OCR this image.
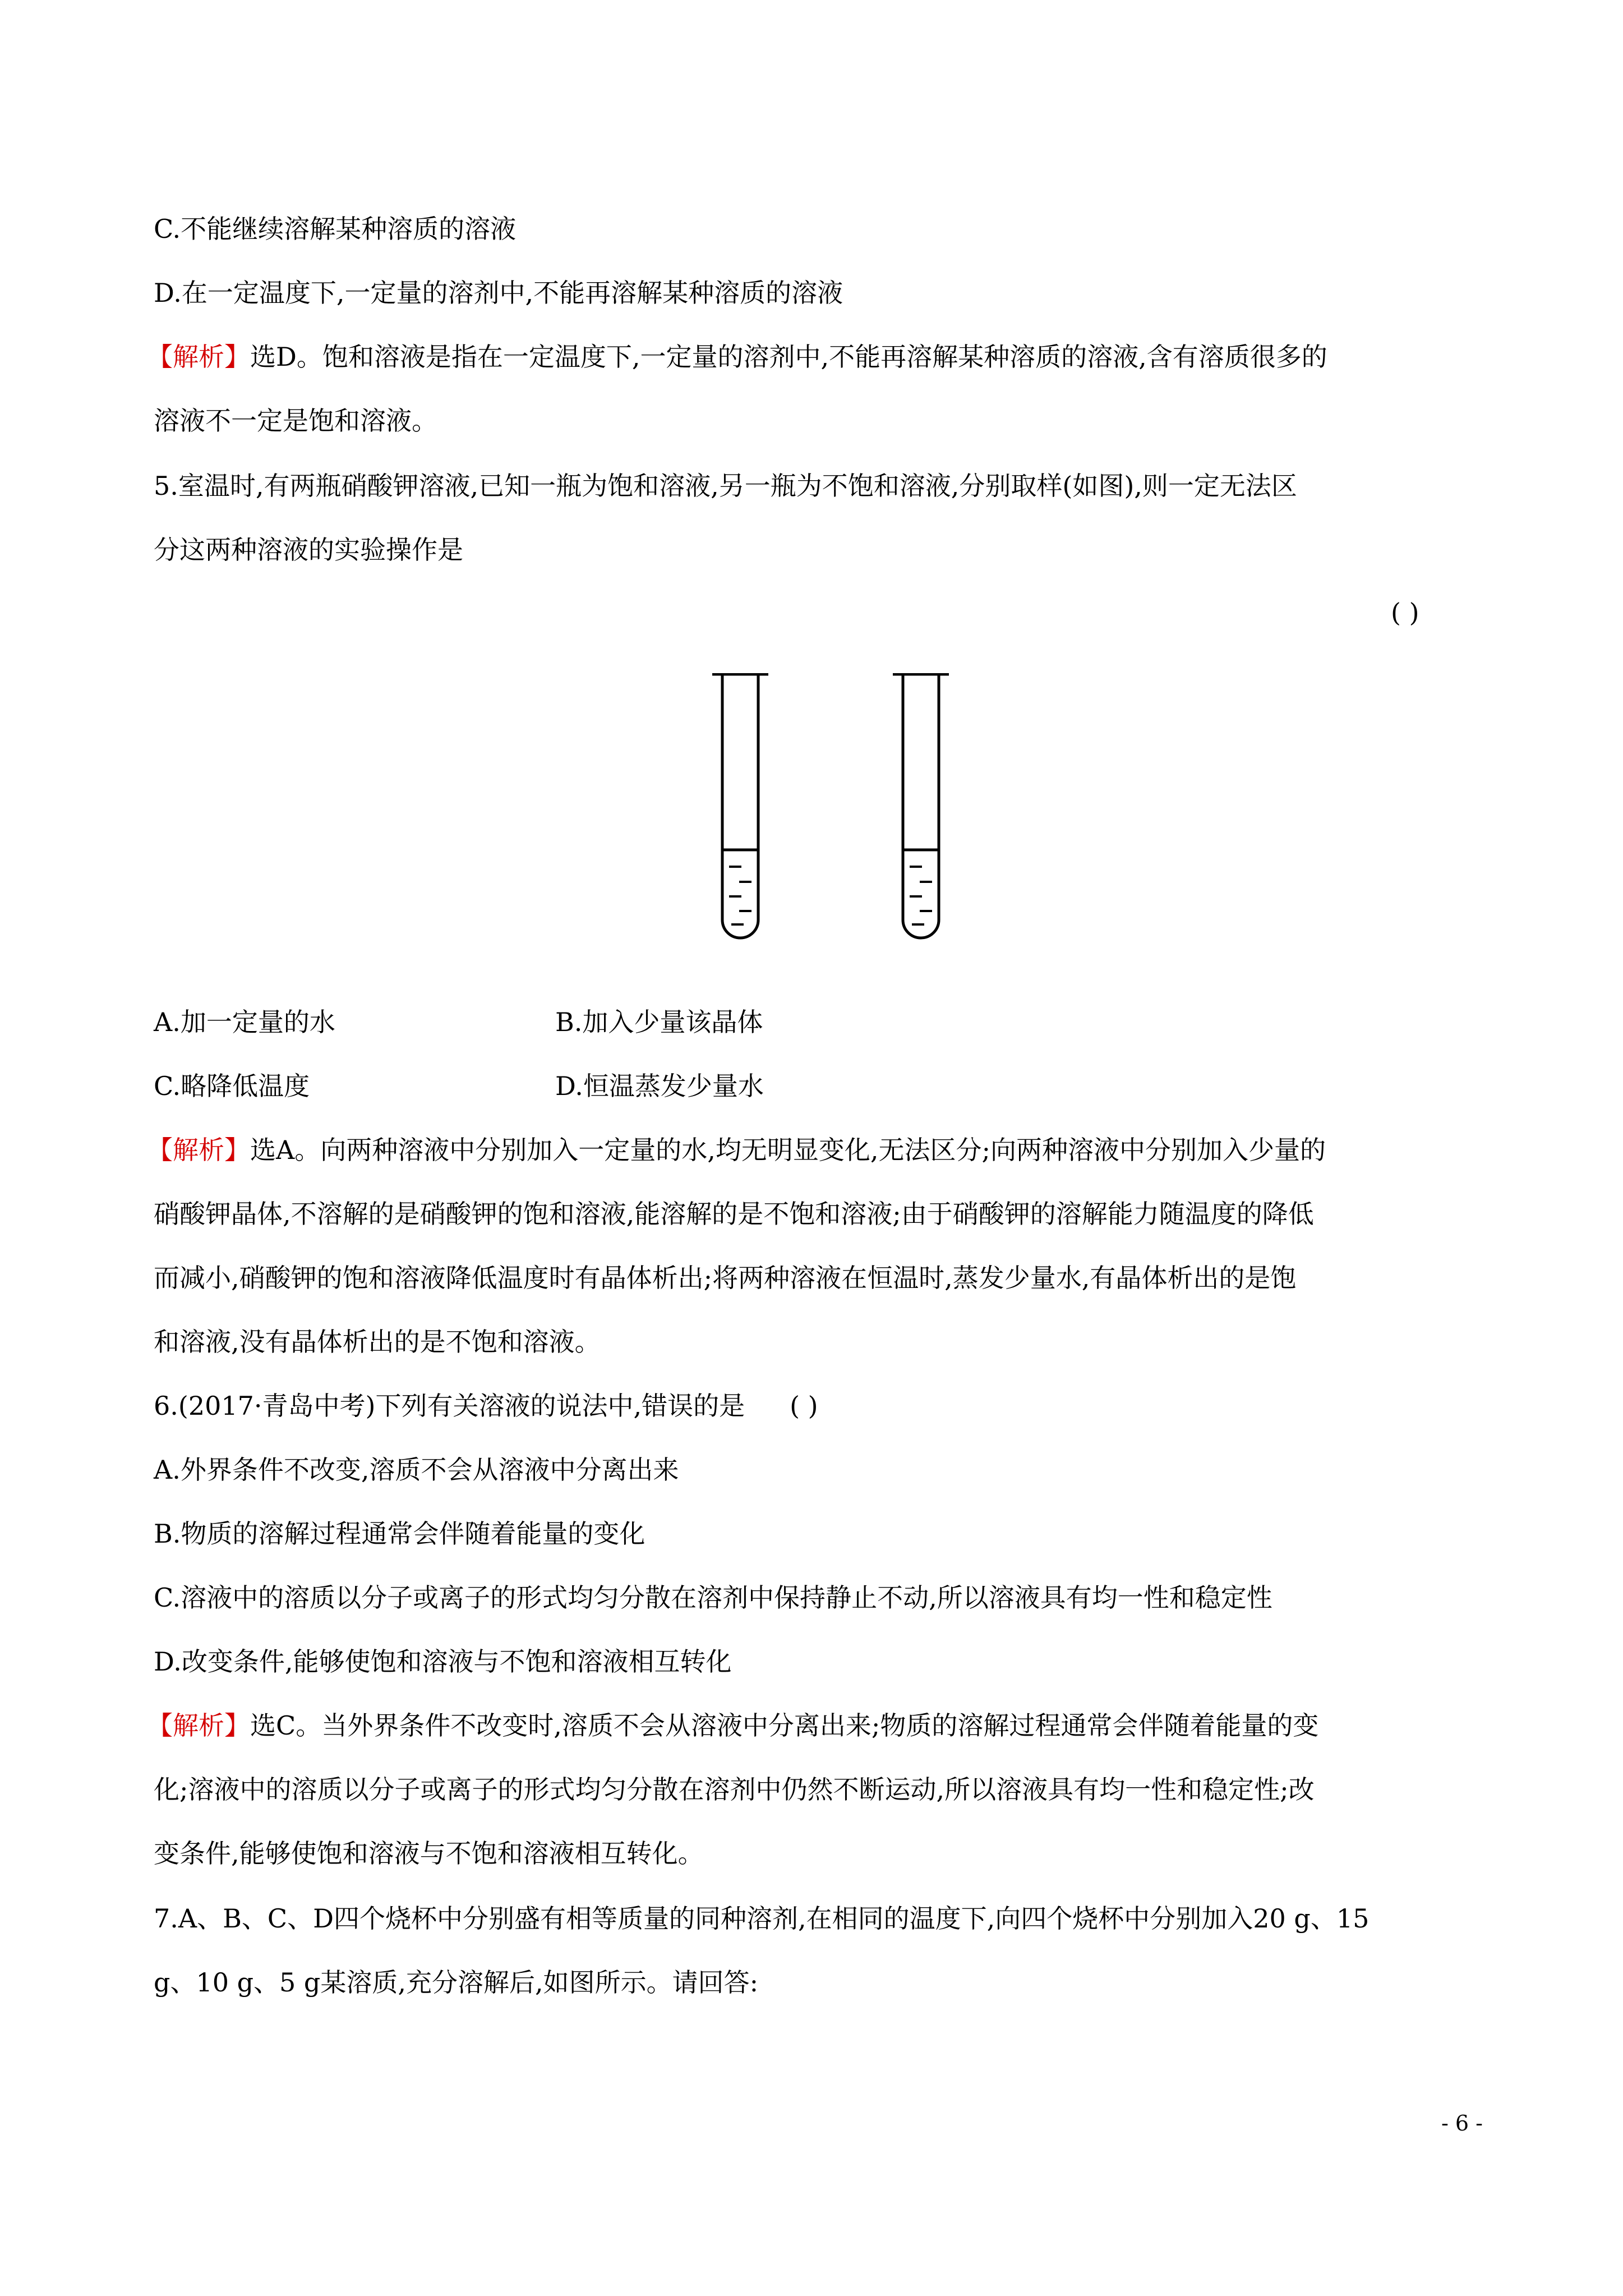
C.不能继续溶解某种溶质的溶液
D.在一定温度下,一定量的溶剂中,不能再溶解某种溶质的溶液
【解析】选D。饱和溶液是指在一定温度下,一定量的溶剂中,不能再溶解某种溶质的溶液,含有溶质很多的
溶液不一定是饱和溶液。
5.室温时,有两瓶硝酸钾溶液,已知一瓶为饱和溶液,另一瓶为不饱和溶液,分别取样(如图),则一定无法区
分这两种溶液的实验操作是
( )
A.加一定量的水	B.加入少量该晶体
C.略降低温度	D.恒温蒸发少量水
【解析】选A。向两种溶液中分别加入一定量的水,均无明显变化,无法区分;向两种溶液中分别加入少量的
硝酸钾晶体,不溶解的是硝酸钾的饱和溶液,能溶解的是不饱和溶液;由于硝酸钾的溶解能力随温度的降低
而减小,硝酸钾的饱和溶液降低温度时有晶体析出;将两种溶液在恒温时,蒸发少量水,有晶体析出的是饱
和溶液,没有晶体析出的是不饱和溶液。
6.(2017·青岛中考)下列有关溶液的说法中,错误的是 ( )
A.外界条件不改变,溶质不会从溶液中分离出来
B.物质的溶解过程通常会伴随着能量的变化
C.溶液中的溶质以分子或离子的形式均匀分散在溶剂中保持静止不动,所以溶液具有均一性和稳定性
D.改变条件,能够使饱和溶液与不饱和溶液相互转化
【解析】选C。当外界条件不改变时,溶质不会从溶液中分离出来;物质的溶解过程通常会伴随着能量的变
化;溶液中的溶质以分子或离子的形式均匀分散在溶剂中仍然不断运动,所以溶液具有均一性和稳定性;改
变条件,能够使饱和溶液与不饱和溶液相互转化。
7.A、B、C、D四个烧杯中分别盛有相等质量的同种溶剂,在相同的温度下,向四个烧杯中分别加入20 g、15
g、10 g、5 g某溶质,充分溶解后,如图所示。请回答:
- 6 -
